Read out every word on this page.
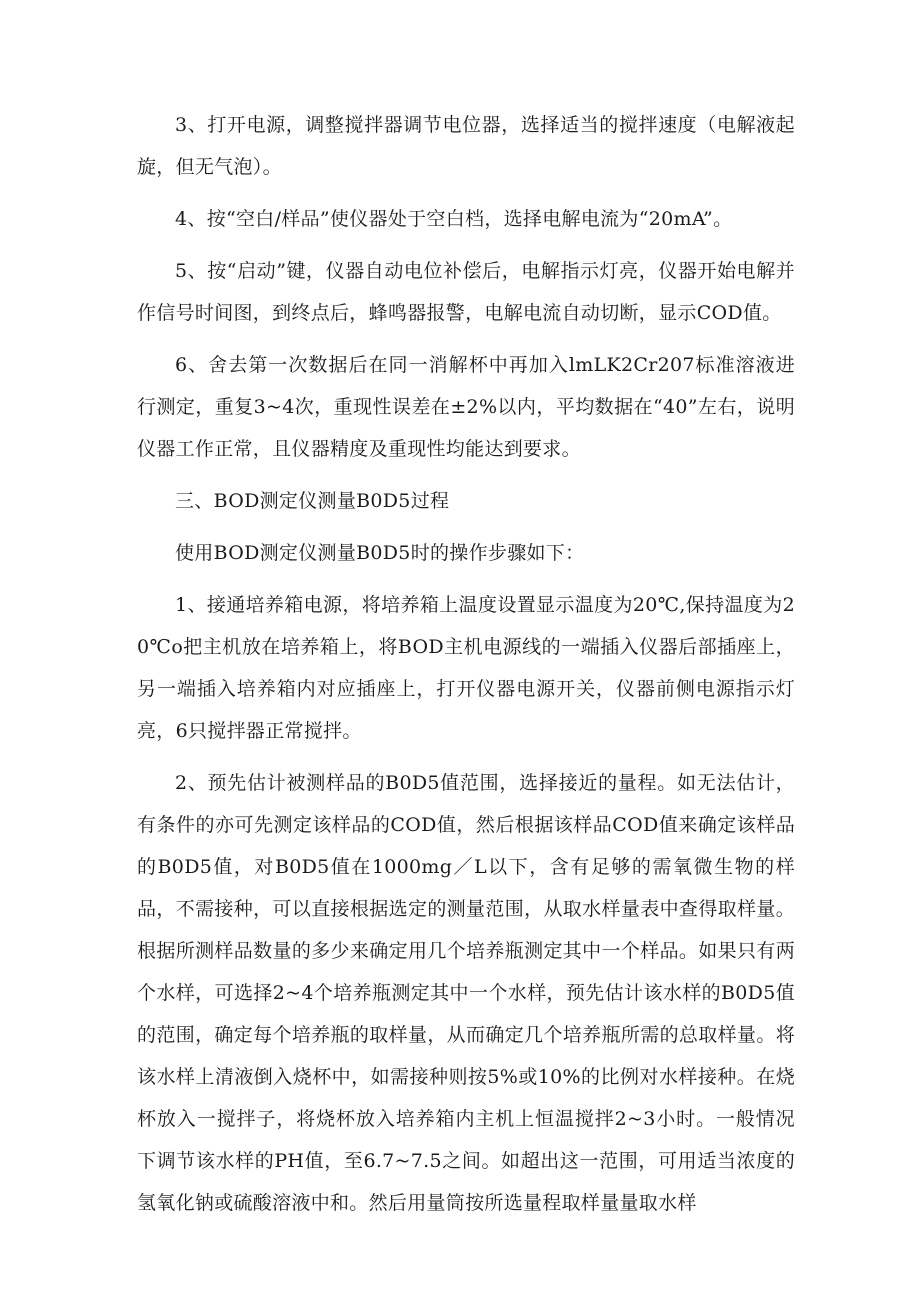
3、打开电源，调整搅拌器调节电位器，选择适当的搅拌速度（电解液起旋，但无气泡）。

4、按“空白/样品”使仪器处于空白档，选择电解电流为“20mA”。

5、按“启动”键，仪器自动电位补偿后，电解指示灯亮，仪器开始电解并作信号时间图，到终点后，蜂鸣器报警，电解电流自动切断，显示COD值。

6、舍去第一次数据后在同一消解杯中再加入lmLK2Cr207标准溶液进行测定，重复3~4次，重现性误差在±2%以内，平均数据在“40”左右，说明仪器工作正常，且仪器精度及重现性均能达到要求。

三、BOD测定仪测量B0D5过程

使用BOD测定仪测量B0D5时的操作步骤如下：

1、接通培养箱电源，将培养箱上温度设置显示温度为20℃,保持温度为20℃o把主机放在培养箱上，将BOD主机电源线的一端插入仪器后部插座上，另一端插入培养箱内对应插座上，打开仪器电源开关，仪器前侧电源指示灯亮，6只搅拌器正常搅拌。

2、预先估计被测样品的B0D5值范围，选择接近的量程。如无法估计，有条件的亦可先测定该样品的COD值，然后根据该样品COD值来确定该样品的B0D5值，对B0D5值在1000mg／L以下，含有足够的需氧微生物的样品，不需接种，可以直接根据选定的测量范围，从取水样量表中查得取样量。根据所测样品数量的多少来确定用几个培养瓶测定其中一个样品。如果只有两个水样，可选择2~4个培养瓶测定其中一个水样，预先估计该水样的B0D5值的范围，确定每个培养瓶的取样量，从而确定几个培养瓶所需的总取样量。将该水样上清液倒入烧杯中，如需接种则按5%或10%的比例对水样接种。在烧杯放入一搅拌子，将烧杯放入培养箱内主机上恒温搅拌2~3小时。一般情况下调节该水样的PH值，至6.7~7.5之间。如超出这一范围，可用适当浓度的氢氧化钠或硫酸溶液中和。然后用量筒按所选量程取样量量取水样
